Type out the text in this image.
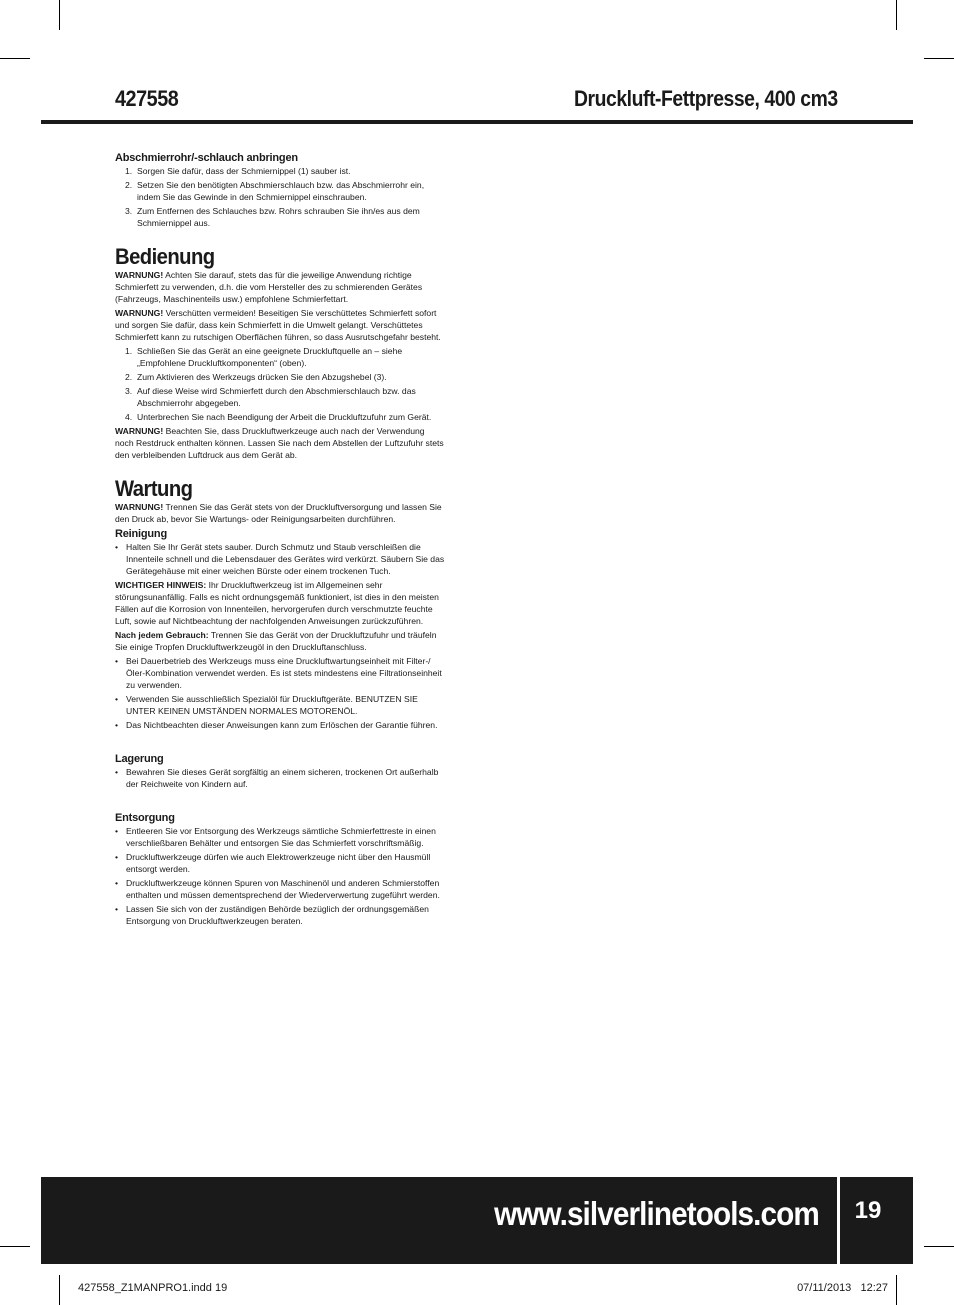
427558	Druckluft-Fettpresse, 400 cm3

Abschmierrohr/-schlauch anbringen

1. Sorgen Sie dafür, dass der Schmiernippel (1) sauber ist.
2. Setzen Sie den benötigten Abschmierschlauch bzw. das Abschmierrohr ein, indem Sie das Gewinde in den Schmiernippel einschrauben.
3. Zum Entfernen des Schlauches bzw. Rohrs schrauben Sie ihn/es aus dem Schmiernippel aus.

Bedienung

WARNUNG! Achten Sie darauf, stets das für die jeweilige Anwendung richtige Schmierfett zu verwenden, d.h. die vom Hersteller des zu schmierenden Gerätes (Fahrzeugs, Maschinenteils usw.) empfohlene Schmierfettart.

WARNUNG! Verschütten vermeiden! Beseitigen Sie verschüttetes Schmierfett sofort und sorgen Sie dafür, dass kein Schmierfett in die Umwelt gelangt. Verschüttetes Schmierfett kann zu rutschigen Oberflächen führen, so dass Ausrutschgefahr besteht.

1. Schließen Sie das Gerät an eine geeignete Druckluftquelle an – siehe „Empfohlene Druckluftkomponenten“ (oben).
2. Zum Aktivieren des Werkzeugs drücken Sie den Abzugshebel (3).
3. Auf diese Weise wird Schmierfett durch den Abschmierschlauch bzw. das Abschmierrohr abgegeben.
4. Unterbrechen Sie nach Beendigung der Arbeit die Druckluftzufuhr zum Gerät.

WARNUNG! Beachten Sie, dass Druckluftwerkzeuge auch nach der Verwendung noch Restdruck enthalten können. Lassen Sie nach dem Abstellen der Luftzufuhr stets den verbleibenden Luftdruck aus dem Gerät ab.

Wartung

WARNUNG! Trennen Sie das Gerät stets von der Druckluftversorgung und lassen Sie den Druck ab, bevor Sie Wartungs- oder Reinigungsarbeiten durchführen.

Reinigung

• Halten Sie Ihr Gerät stets sauber. Durch Schmutz und Staub verschleißen die Innenteile schnell und die Lebensdauer des Gerätes wird verkürzt. Säubern Sie das Gerätegehäuse mit einer weichen Bürste oder einem trockenen Tuch.

WICHTIGER HINWEIS: Ihr Druckluftwerkzeug ist im Allgemeinen sehr störungsunanfällig. Falls es nicht ordnungsgemäß funktioniert, ist dies in den meisten Fällen auf die Korrosion von Innenteilen, hervorgerufen durch verschmutzte feuchte Luft, sowie auf Nichtbeachtung der nachfolgenden Anweisungen zurückzuführen.

Nach jedem Gebrauch: Trennen Sie das Gerät von der Druckluftzufuhr und träufeln Sie einige Tropfen Druckluftwerkzeugöl in den Druckluftanschluss.

• Bei Dauerbetrieb des Werkzeugs muss eine Druckluftwartungseinheit mit Filter-/Öler-Kombination verwendet werden. Es ist stets mindestens eine Filtrationseinheit zu verwenden.
• Verwenden Sie ausschließlich Spezialöl für Druckluftgeräte. BENUTZEN SIE UNTER KEINEN UMSTÄNDEN NORMALES MOTORENÖL.
• Das Nichtbeachten dieser Anweisungen kann zum Erlöschen der Garantie führen.

Lagerung

• Bewahren Sie dieses Gerät sorgfältig an einem sicheren, trockenen Ort außerhalb der Reichweite von Kindern auf.

Entsorgung

• Entleeren Sie vor Entsorgung des Werkzeugs sämtliche Schmierfettreste in einen verschließbaren Behälter und entsorgen Sie das Schmierfett vorschriftsmäßig.
• Druckluftwerkzeuge dürfen wie auch Elektrowerkzeuge nicht über den Hausmüll entsorgt werden.
• Druckluftwerkzeuge können Spuren von Maschinenöl und anderen Schmierstoffen enthalten und müssen dementsprechend der Wiederverwertung zugeführt werden.
• Lassen Sie sich von der zuständigen Behörde bezüglich der ordnungsgemäßen Entsorgung von Druckluftwerkzeugen beraten.
www.silverlinetools.com	19
427558_Z1MANPRO1.indd 19	07/11/2013   12:27
